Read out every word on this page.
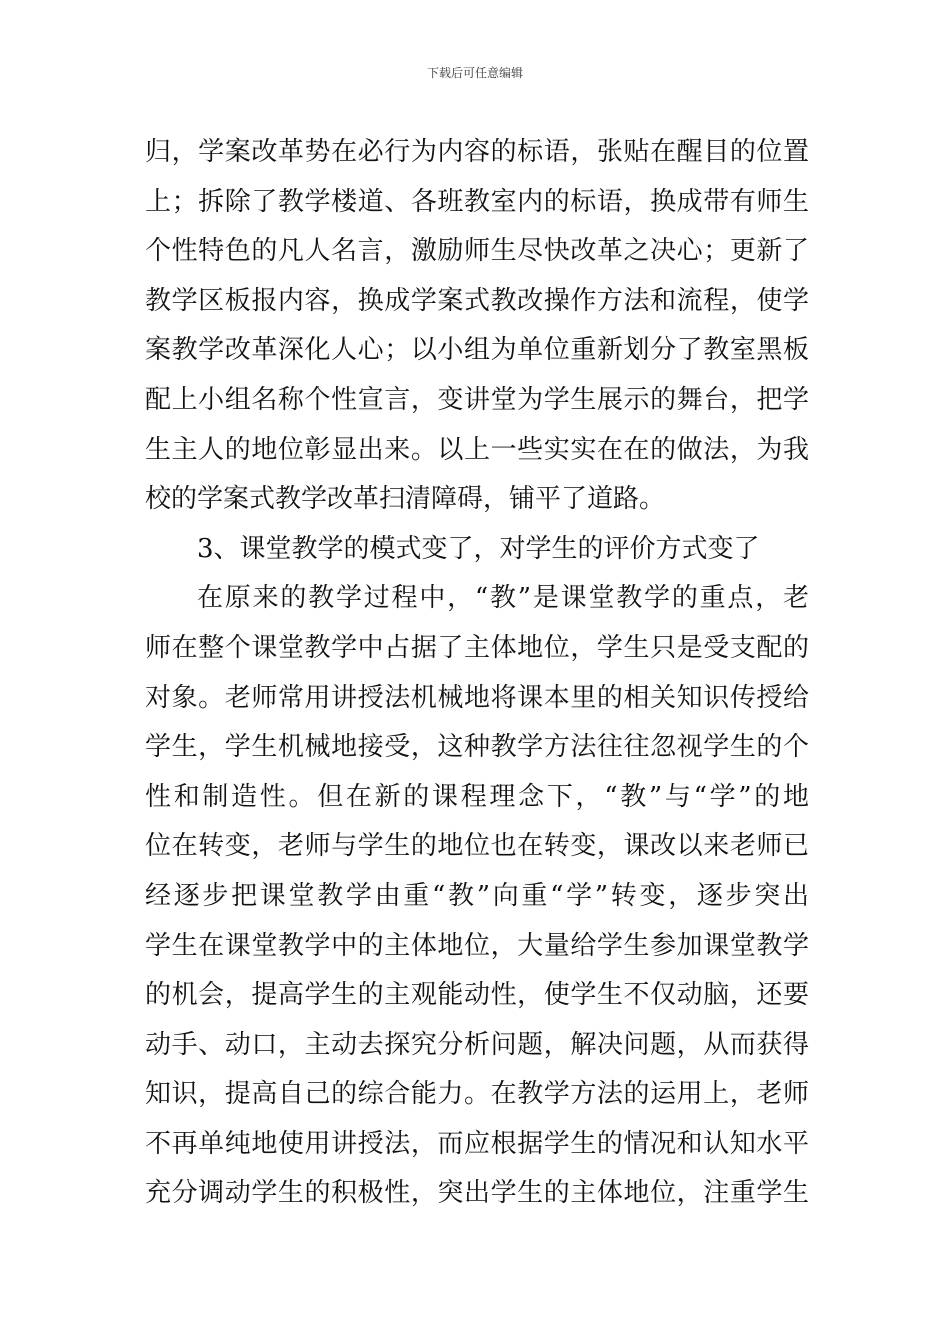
下载后可任意编辑
归，学案改革势在必行为内容的标语，张贴在醒目的位置
上；拆除了教学楼道、各班教室内的标语，换成带有师生
个性特色的凡人名言，激励师生尽快改革之决心；更新了
教学区板报内容，换成学案式教改操作方法和流程，使学
案教学改革深化人心；以小组为单位重新划分了教室黑板
配上小组名称个性宣言，变讲堂为学生展示的舞台，把学
生主人的地位彰显出来。以上一些实实在在的做法，为我
校的学案式教学改革扫清障碍，铺平了道路。
3、课堂教学的模式变了，对学生的评价方式变了
在原来的教学过程中，“教”是课堂教学的重点，老
师在整个课堂教学中占据了主体地位，学生只是受支配的
对象。老师常用讲授法机械地将课本里的相关知识传授给
学生，学生机械地接受，这种教学方法往往忽视学生的个
性和制造性。但在新的课程理念下，“教”与“学”的地
位在转变，老师与学生的地位也在转变，课改以来老师已
经逐步把课堂教学由重“教”向重“学”转变，逐步突出
学生在课堂教学中的主体地位，大量给学生参加课堂教学
的机会，提高学生的主观能动性，使学生不仅动脑，还要
动手、动口，主动去探究分析问题，解决问题，从而获得
知识，提高自己的综合能力。在教学方法的运用上，老师
不再单纯地使用讲授法，而应根据学生的情况和认知水平
充分调动学生的积极性，突出学生的主体地位，注重学生
